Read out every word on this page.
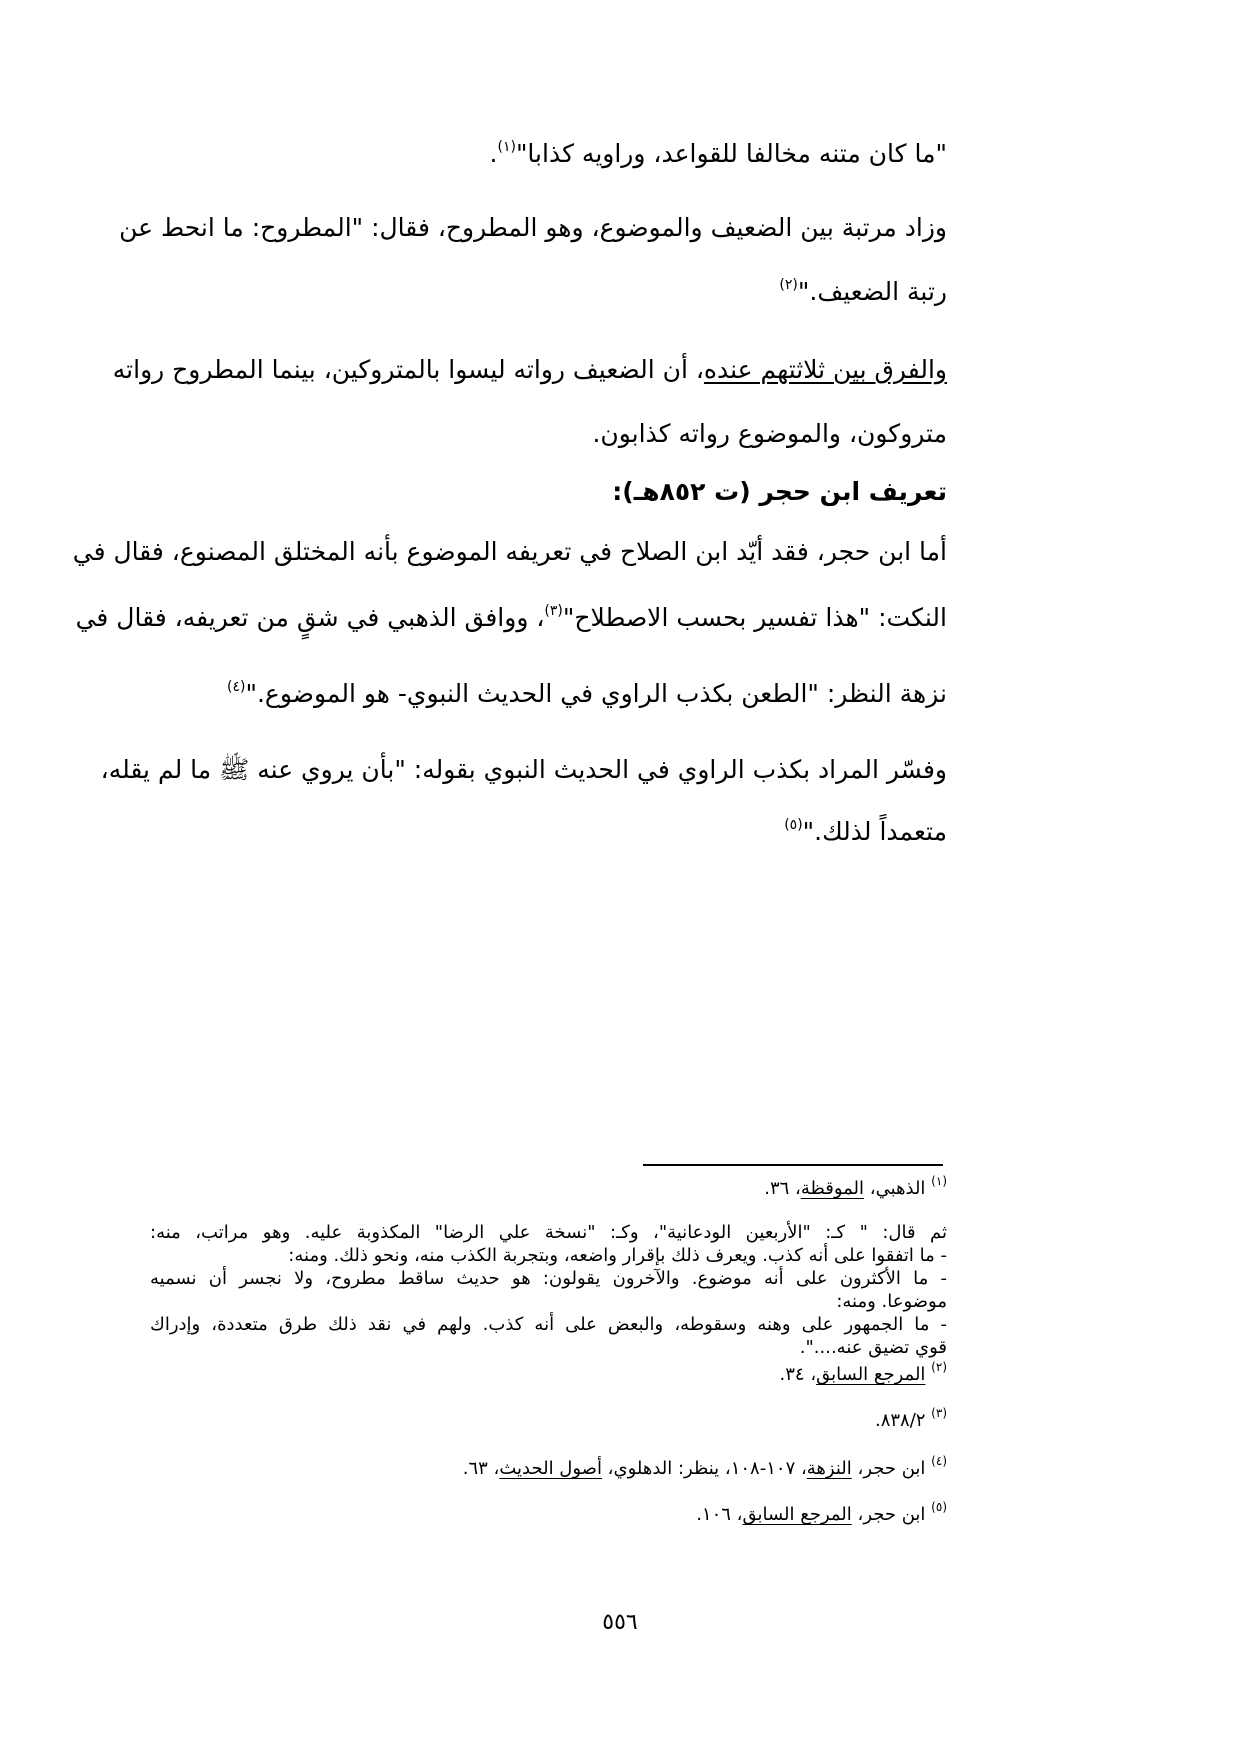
"ما كان متنه مخالفا للقواعد، وراويه كذابا"$^{(١)}$.
وزاد مرتبة بين الضعيف والموضوع، وهو المطروح، فقال: "المطروح: ما انحط عن
رتبة الضعيف."$^{(٢)}$
والفرق بين ثلاثتهم عنده، أن الضعيف رواته ليسوا بالمتروكين، بينما المطروح رواته
متروكون، والموضوع رواته كذابون.
تعريف ابن حجر (ت ٨٥٢هـ):
أما ابن حجر، فقد أيّد ابن الصلاح في تعريفه الموضوع بأنه المختلق المصنوع، فقال في
النكت: "هذا تفسير بحسب الاصطلاح"$^{(٣)}$، ووافق الذهبي في شقٍ من تعريفه، فقال في
نزهة النظر: "الطعن بكذب الراوي في الحديث النبوي- هو الموضوع."$^{(٤)}$
وفسّر المراد بكذب الراوي في الحديث النبوي بقوله: "بأن يروي عنه ﷺ ما لم يقله،
متعمداً لذلك."$^{(٥)}$
$^{(١)}$ الذهبي، الموقظة، ٣٦.
ثم قال: " كـ: "الأربعين الودعانية"، وكـ: "نسخة علي الرضا" المكذوبة عليه. وهو مراتب، منه:
- ما اتفقوا على أنه كذب. ويعرف ذلك بإقرار واضعه، وبتجربة الكذب منه، ونحو ذلك. ومنه:
- ما الأكثرون على أنه موضوع. والآخرون يقولون: هو حديث ساقط مطروح، ولا نجسر أن نسميه
موضوعا. ومنه:
- ما الجمهور على وهنه وسقوطه، والبعض على أنه كذب. ولهم في نقد ذلك طرق متعددة، وإدراك
قوي تضيق عنه....".
$^{(٢)}$ المرجع السابق، ٣٤.
$^{(٣)}$ ٨٣٨/٢.
$^{(٤)}$ ابن حجر، النزهة، ١٠٧-١٠٨، ينظر: الدهلوي، أصول الحديث، ٦٣.
$^{(٥)}$ ابن حجر، المرجع السابق، ١٠٦.
٥٥٦
